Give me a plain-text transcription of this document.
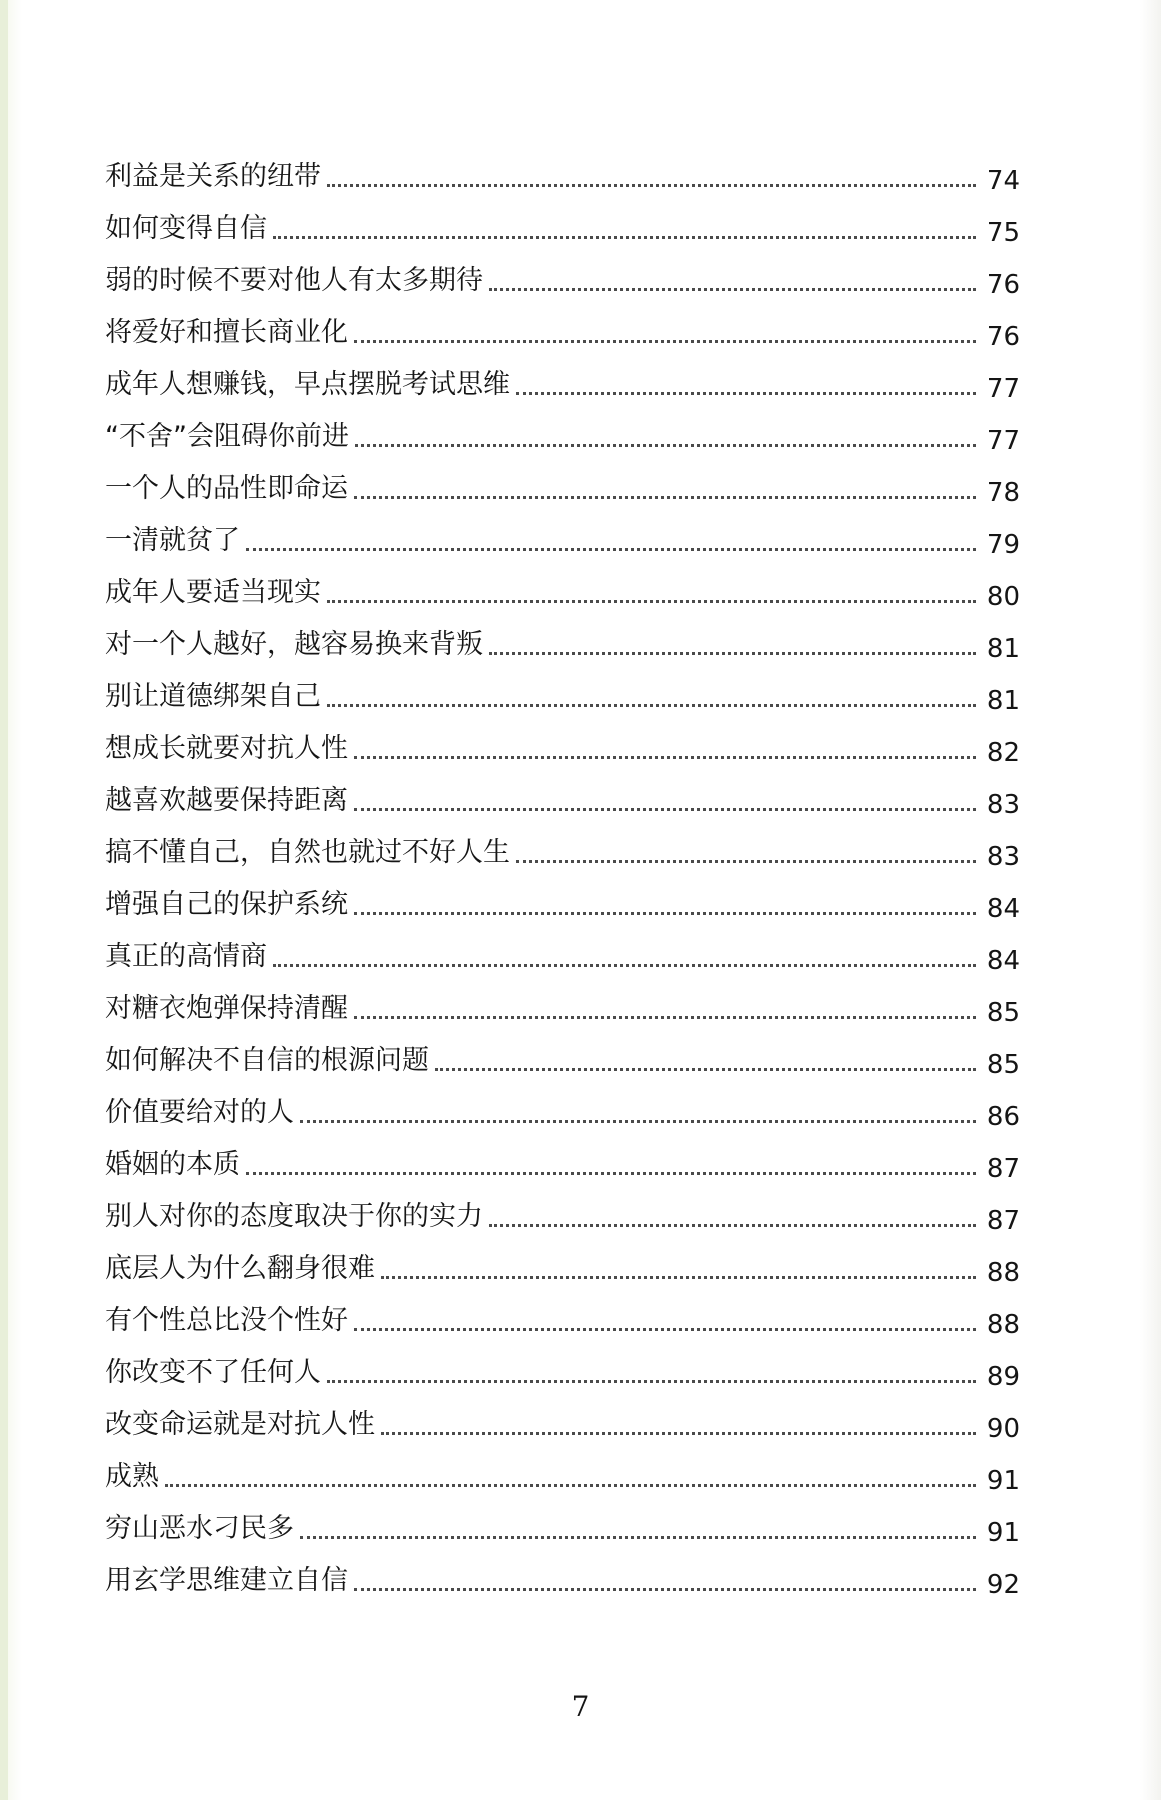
利益是关系的纽带	74
如何变得自信	75
弱的时候不要对他人有太多期待	76
将爱好和擅长商业化	76
成年人想赚钱，早点摆脱考试思维	77
“不舍”会阻碍你前进	77
一个人的品性即命运	78
一清就贫了	79
成年人要适当现实	80
对一个人越好，越容易换来背叛	81
别让道德绑架自己	81
想成长就要对抗人性	82
越喜欢越要保持距离	83
搞不懂自己，自然也就过不好人生	83
增强自己的保护系统	84
真正的高情商	84
对糖衣炮弹保持清醒	85
如何解决不自信的根源问题	85
价值要给对的人	86
婚姻的本质	87
别人对你的态度取决于你的实力	87
底层人为什么翻身很难	88
有个性总比没个性好	88
你改变不了任何人	89
改变命运就是对抗人性	90
成熟	91
穷山恶水刁民多	91
用玄学思维建立自信	92
7
